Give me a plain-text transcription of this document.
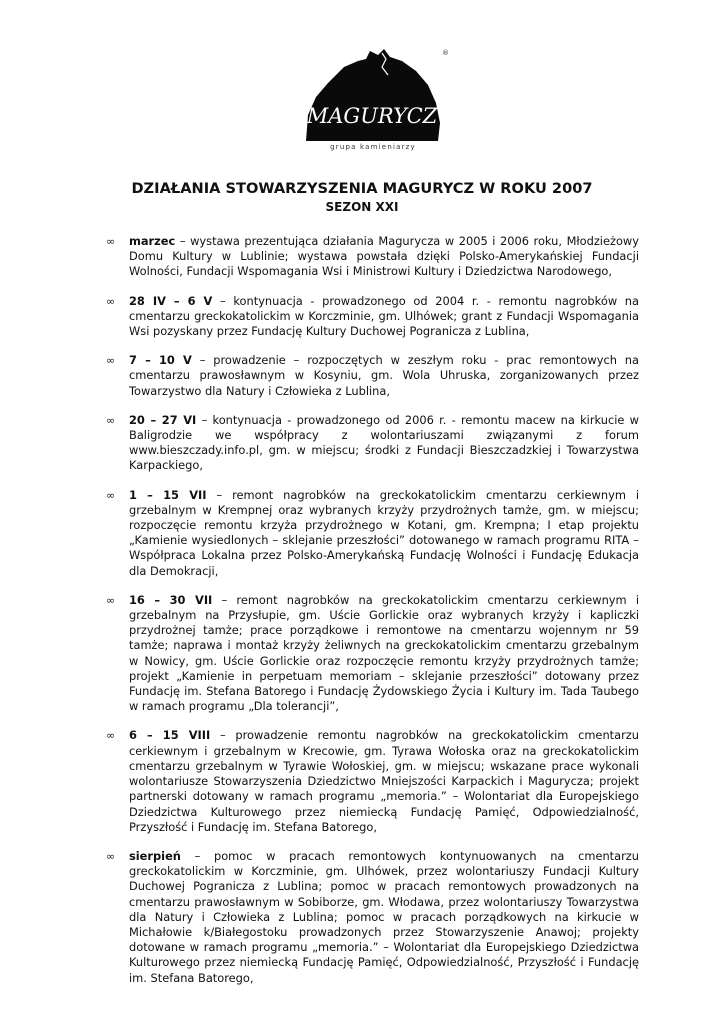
MAGURYCZ
®
grupa kamieniarzy
DZIAŁANIA STOWARZYSZENIA MAGURYCZ W ROKU 2007
SEZON XXI
∞ marzec – wystawa prezentująca działania Magurycza w 2005 i 2006 roku, Młodzieżowy Domu Kultury w Lublinie; wystawa powstała dzięki Polsko-Amerykańskiej Fundacji Wolności, Fundacji Wspomagania Wsi i Ministrowi Kultury i Dziedzictwa Narodowego,
∞ 28 IV – 6 V – kontynuacja - prowadzonego od 2004 r. - remontu nagrobków na cmentarzu greckokatolickim w Korczminie, gm. Ulhówek; grant z Fundacji Wspomagania Wsi pozyskany przez Fundację Kultury Duchowej Pogranicza z Lublina,
∞ 7 – 10 V – prowadzenie – rozpoczętych w zeszłym roku - prac remontowych na cmentarzu prawosławnym w Kosyniu, gm. Wola Uhruska, zorganizowanych przez Towarzystwo dla Natury i Człowieka z Lublina,
∞ 20 – 27 VI – kontynuacja - prowadzonego od 2006 r. - remontu macew na kirkucie w Baligrodzie we współpracy z wolontariuszami związanymi z forum www.bieszczady.info.pl, gm. w miejscu; środki z Fundacji Bieszczadzkiej i Towarzystwa Karpackiego,
∞ 1 – 15 VII – remont nagrobków na greckokatolickim cmentarzu cerkiewnym i grzebalnym w Krempnej oraz wybranych krzyży przydrożnych tamże, gm. w miejscu; rozpoczęcie remontu krzyża przydrożnego w Kotani, gm. Krempna; I etap projektu „Kamienie wysiedlonych – sklejanie przeszłości” dotowanego w ramach programu RITA – Współpraca Lokalna przez Polsko-Amerykańską Fundację Wolności i Fundację Edukacja dla Demokracji,
∞ 16 – 30 VII – remont nagrobków na greckokatolickim cmentarzu cerkiewnym i grzebalnym na Przysłupie, gm. Uście Gorlickie oraz wybranych krzyży i kapliczki przydrożnej tamże; prace porządkowe i remontowe na cmentarzu wojennym nr 59 tamże; naprawa i montaż krzyży żeliwnych na greckokatolickim cmentarzu grzebalnym w Nowicy, gm. Uście Gorlickie oraz rozpoczęcie remontu krzyży przydrożnych tamże; projekt „Kamienie in perpetuam memoriam – sklejanie przeszłości” dotowany przez Fundację im. Stefana Batorego i Fundację Żydowskiego Życia i Kultury im. Tada Taubego w ramach programu „Dla tolerancji”,
∞ 6 – 15 VIII – prowadzenie remontu nagrobków na greckokatolickim cmentarzu cerkiewnym i grzebalnym w Krecowie, gm. Tyrawa Wołoska oraz na greckokatolickim cmentarzu grzebalnym w Tyrawie Wołoskiej, gm. w miejscu; wskazane prace wykonali wolontariusze Stowarzyszenia Dziedzictwo Mniejszości Karpackich i Magurycza; projekt partnerski dotowany w ramach programu „memoria.” – Wolontariat dla Europejskiego Dziedzictwa Kulturowego przez niemiecką Fundację Pamięć, Odpowiedzialność, Przyszłość i Fundację im. Stefana Batorego,
∞ sierpień – pomoc w pracach remontowych kontynuowanych na cmentarzu greckokatolickim w Korczminie, gm. Ulhówek, przez wolontariuszy Fundacji Kultury Duchowej Pogranicza z Lublina; pomoc w pracach remontowych prowadzonych na cmentarzu prawosławnym w Sobiborze, gm. Włodawa, przez wolontariuszy Towarzystwa dla Natury i Człowieka z Lublina; pomoc w pracach porządkowych na kirkucie w Michałowie k/Białegostoku prowadzonych przez Stowarzyszenie Anawoj; projekty dotowane w ramach programu „memoria.” – Wolontariat dla Europejskiego Dziedzictwa Kulturowego przez niemiecką Fundację Pamięć, Odpowiedzialność, Przyszłość i Fundację im. Stefana Batorego,
